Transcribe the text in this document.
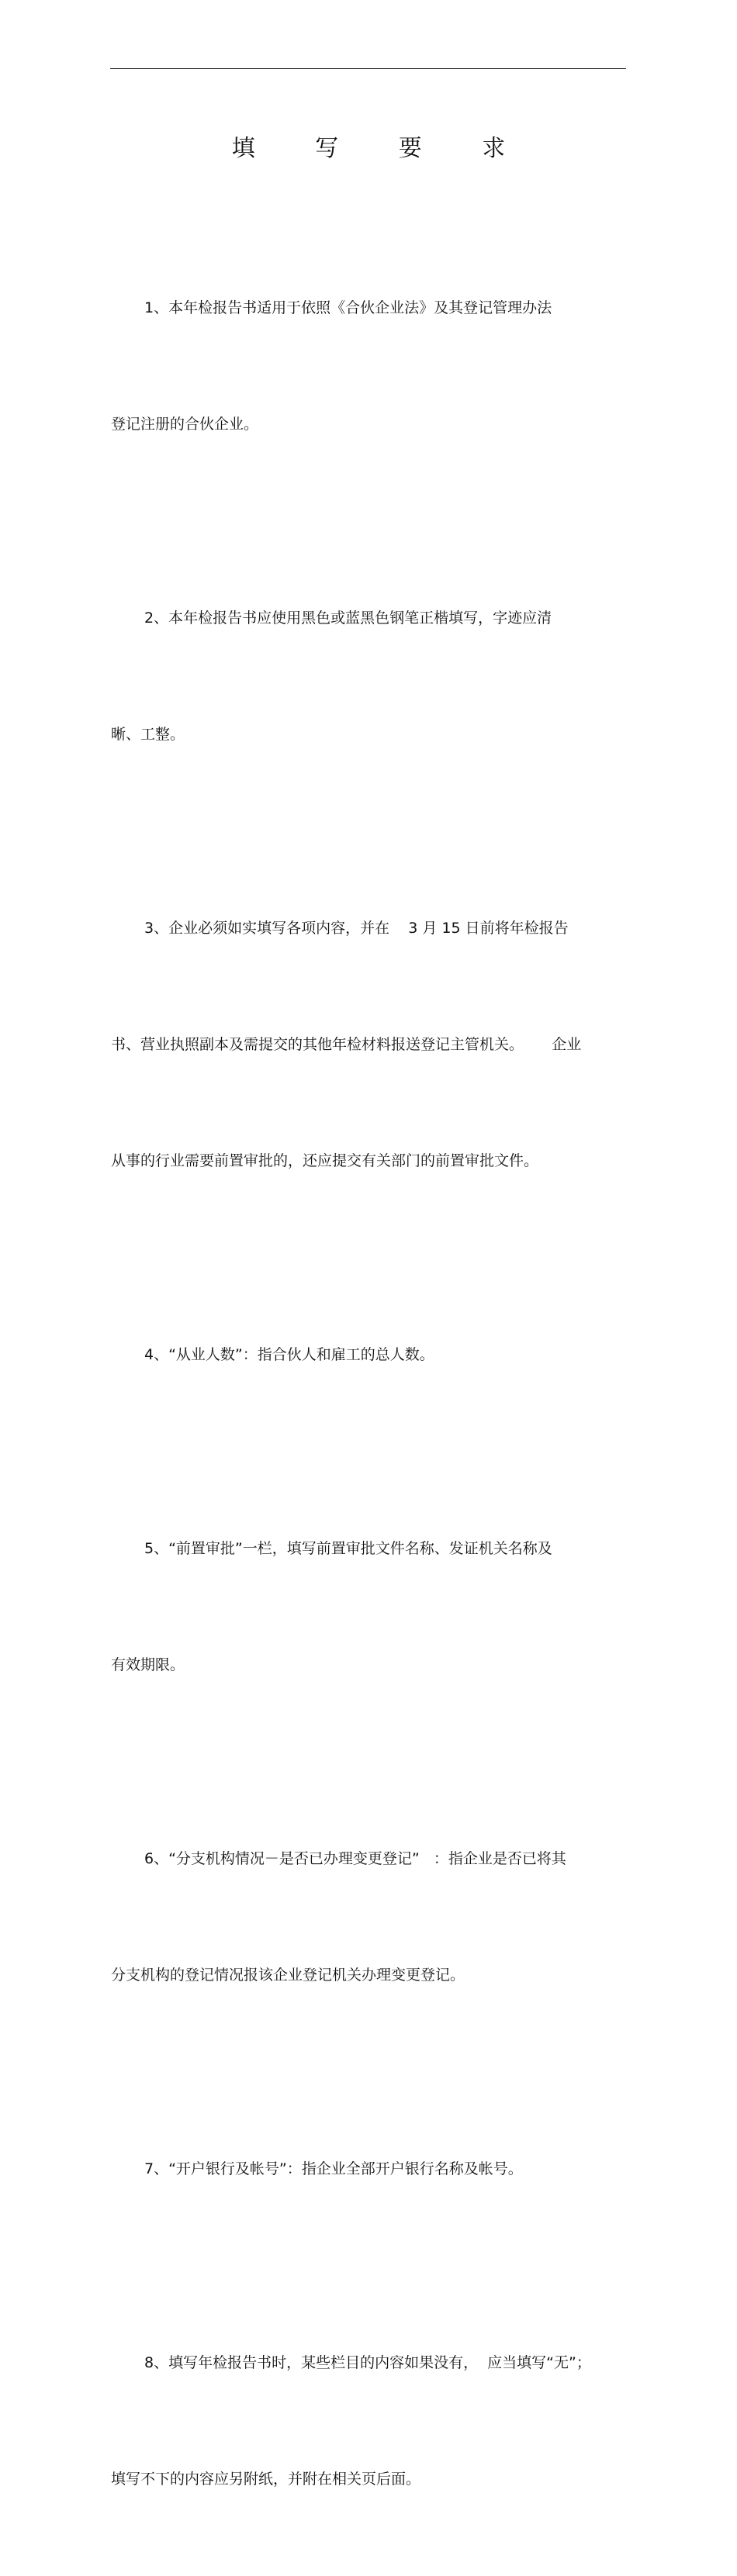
填 写 要 求

1、本年检报告书适用于依照《合伙企业法》及其登记管理办法

登记注册的合伙企业。

2、本年检报告书应使用黑色或蓝黑色钢笔正楷填写，字迹应清

晰、工整。

3、企业必须如实填写各项内容，并在    3 月 15 日前将年检报告

书、营业执照副本及需提交的其他年检材料报送登记主管机关。      企业

从事的行业需要前置审批的，还应提交有关部门的前置审批文件。

4、“从业人数”：指合伙人和雇工的总人数。

5、“前置审批”一栏，填写前置审批文件名称、发证机关名称及

有效期限。

6、“分支机构情况－是否已办理变更登记”   ：指企业是否已将其

分支机构的登记情况报该企业登记机关办理变更登记。

7、“开户银行及帐号”：指企业全部开户银行名称及帐号。

8、填写年检报告书时，某些栏目的内容如果没有，  应当填写“无”；

填写不下的内容应另附纸，并附在相关页后面。
